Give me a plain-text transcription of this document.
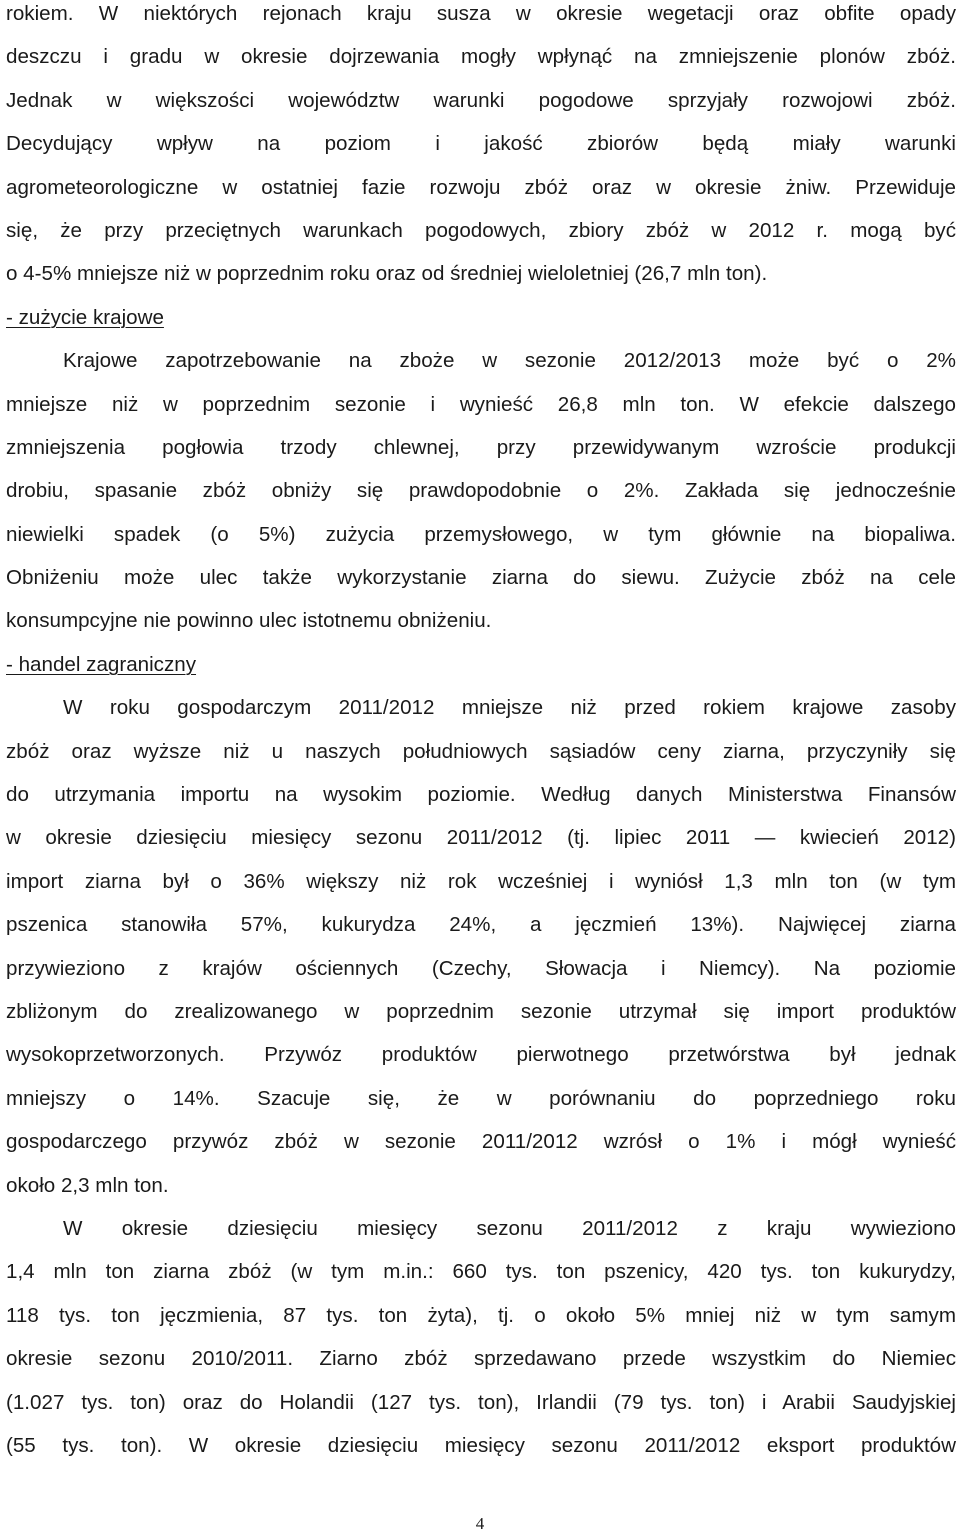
rokiem. W niektórych rejonach kraju susza w okresie wegetacji oraz obfite opady
deszczu i gradu w okresie dojrzewania mogły wpłynąć na zmniejszenie plonów zbóż.
Jednak w większości województw warunki pogodowe sprzyjały rozwojowi zbóż.
Decydujący wpływ na poziom i jakość zbiorów będą miały warunki
agrometeorologiczne w ostatniej fazie rozwoju zbóż oraz w okresie żniw. Przewiduje
się, że przy przeciętnych warunkach pogodowych, zbiory zbóż w 2012 r. mogą być
o 4-5% mniejsze niż w poprzednim roku oraz od średniej wieloletniej (26,7 mln ton).
- zużycie krajowe
Krajowe zapotrzebowanie na zboże w sezonie 2012/2013 może być o 2%
mniejsze niż w poprzednim sezonie i wynieść 26,8 mln ton. W efekcie dalszego
zmniejszenia pogłowia trzody chlewnej, przy przewidywanym wzroście produkcji
drobiu, spasanie zbóż obniży się prawdopodobnie o 2%. Zakłada się jednocześnie
niewielki spadek (o 5%) zużycia przemysłowego, w tym głównie na biopaliwa.
Obniżeniu może ulec także wykorzystanie ziarna do siewu. Zużycie zbóż na cele
konsumpcyjne nie powinno ulec istotnemu obniżeniu.
- handel zagraniczny
W roku gospodarczym 2011/2012 mniejsze niż przed rokiem krajowe zasoby
zbóż oraz wyższe niż u naszych południowych sąsiadów ceny ziarna, przyczyniły się
do utrzymania importu na wysokim poziomie. Według danych Ministerstwa Finansów
w okresie dziesięciu miesięcy sezonu 2011/2012 (tj. lipiec 2011 — kwiecień 2012)
import ziarna był o 36% większy niż rok wcześniej i wyniósł 1,3 mln ton (w tym
pszenica stanowiła 57%, kukurydza 24%, a jęczmień 13%). Najwięcej ziarna
przywieziono z krajów ościennych (Czechy, Słowacja i Niemcy). Na poziomie
zbliżonym do zrealizowanego w poprzednim sezonie utrzymał się import produktów
wysokoprzetworzonych. Przywóz produktów pierwotnego przetwórstwa był jednak
mniejszy o 14%. Szacuje się, że w porównaniu do poprzedniego roku
gospodarczego przywóz zbóż w sezonie 2011/2012 wzrósł o 1% i mógł wynieść
około 2,3 mln ton.
W okresie dziesięciu miesięcy sezonu 2011/2012 z kraju wywieziono
1,4 mln ton ziarna zbóż (w tym m.in.: 660 tys. ton pszenicy, 420 tys. ton kukurydzy,
118 tys. ton jęczmienia, 87 tys. ton żyta), tj. o około 5% mniej niż w tym samym
okresie sezonu 2010/2011. Ziarno zbóż sprzedawano przede wszystkim do Niemiec
(1.027 tys. ton) oraz do Holandii (127 tys. ton), Irlandii (79 tys. ton) i Arabii Saudyjskiej
(55 tys. ton). W okresie dziesięciu miesięcy sezonu 2011/2012 eksport produktów
4
